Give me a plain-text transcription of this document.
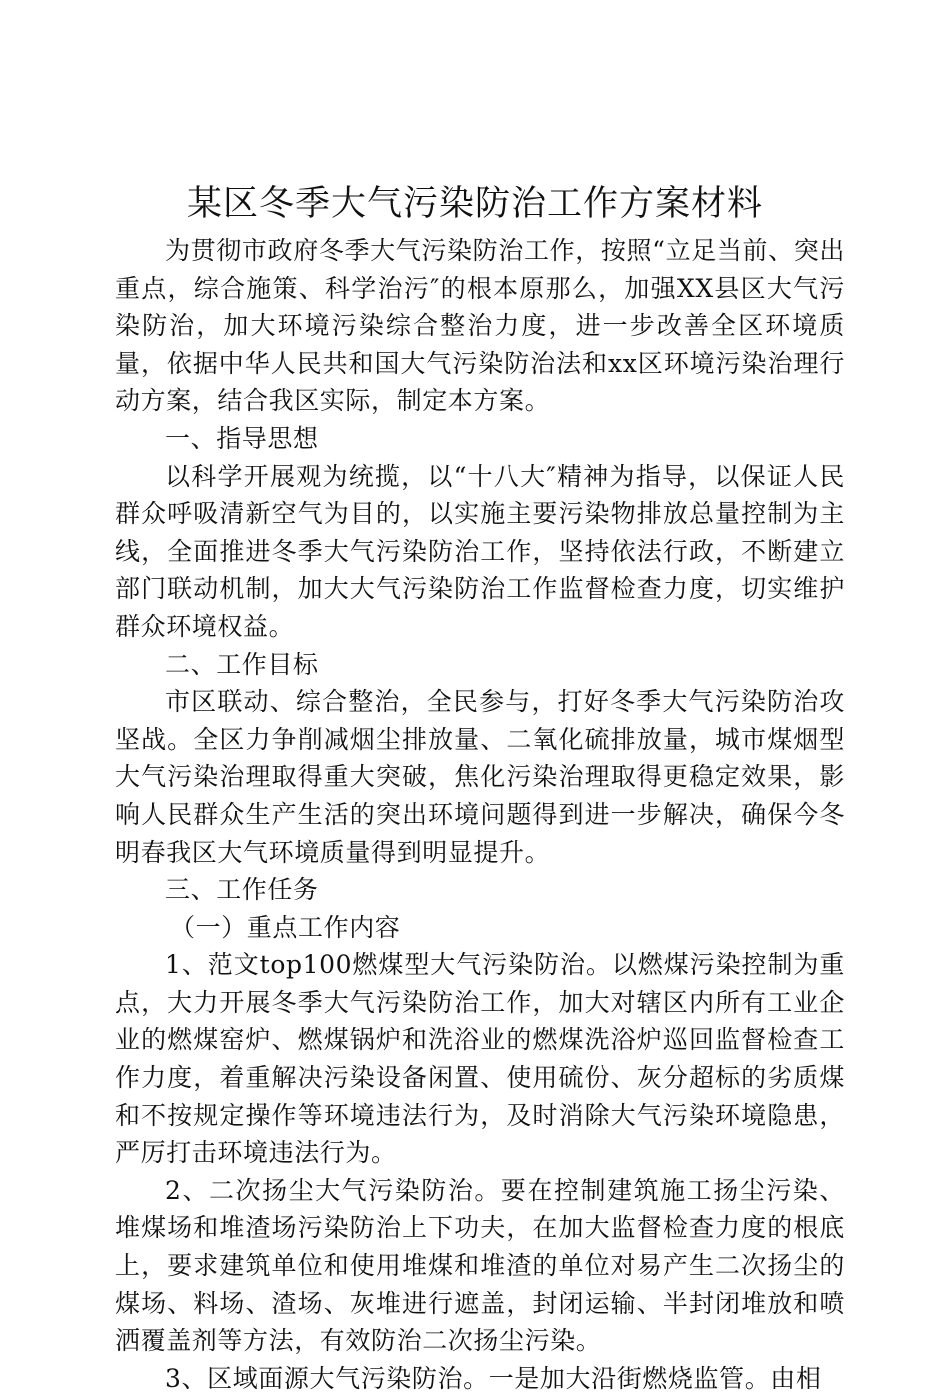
某区冬季大气污染防治工作方案材料

为贯彻市政府冬季大气污染防治工作，按照“立足当前、突出重点，综合施策、科学治污″的根本原那么，加强XX县区大气污染防治，加大环境污染综合整治力度，进一步改善全区环境质量，依据中华人民共和国大气污染防治法和xx区环境污染治理行动方案，结合我区实际，制定本方案。

一、指导思想

以科学开展观为统揽，以“十八大″精神为指导，以保证人民群众呼吸清新空气为目的，以实施主要污染物排放总量控制为主线，全面推进冬季大气污染防治工作，坚持依法行政，不断建立部门联动机制，加大大气污染防治工作监督检查力度，切实维护群众环境权益。

二、工作目标

市区联动、综合整治，全民参与，打好冬季大气污染防治攻坚战。全区力争削减烟尘排放量、二氧化硫排放量，城市煤烟型大气污染治理取得重大突破，焦化污染治理取得更稳定效果，影响人民群众生产生活的突出环境问题得到进一步解决，确保今冬明春我区大气环境质量得到明显提升。

三、工作任务

（一）重点工作内容

1、范文top100燃煤型大气污染防治。以燃煤污染控制为重点，大力开展冬季大气污染防治工作，加大对辖区内所有工业企业的燃煤窑炉、燃煤锅炉和洗浴业的燃煤洗浴炉巡回监督检查工作力度，着重解决污染设备闲置、使用硫份、灰分超标的劣质煤和不按规定操作等环境违法行为，及时消除大气污染环境隐患，严厉打击环境违法行为。

2、二次扬尘大气污染防治。要在控制建筑施工扬尘污染、堆煤场和堆渣场污染防治上下功夫，在加大监督检查力度的根底上，要求建筑单位和使用堆煤和堆渣的单位对易产生二次扬尘的煤场、料场、渣场、灰堆进行遮盖，封闭运输、半封闭堆放和喷洒覆盖剂等方法，有效防治二次扬尘污染。

3、区域面源大气污染防治。一是加大沿街燃烧监管。由相
